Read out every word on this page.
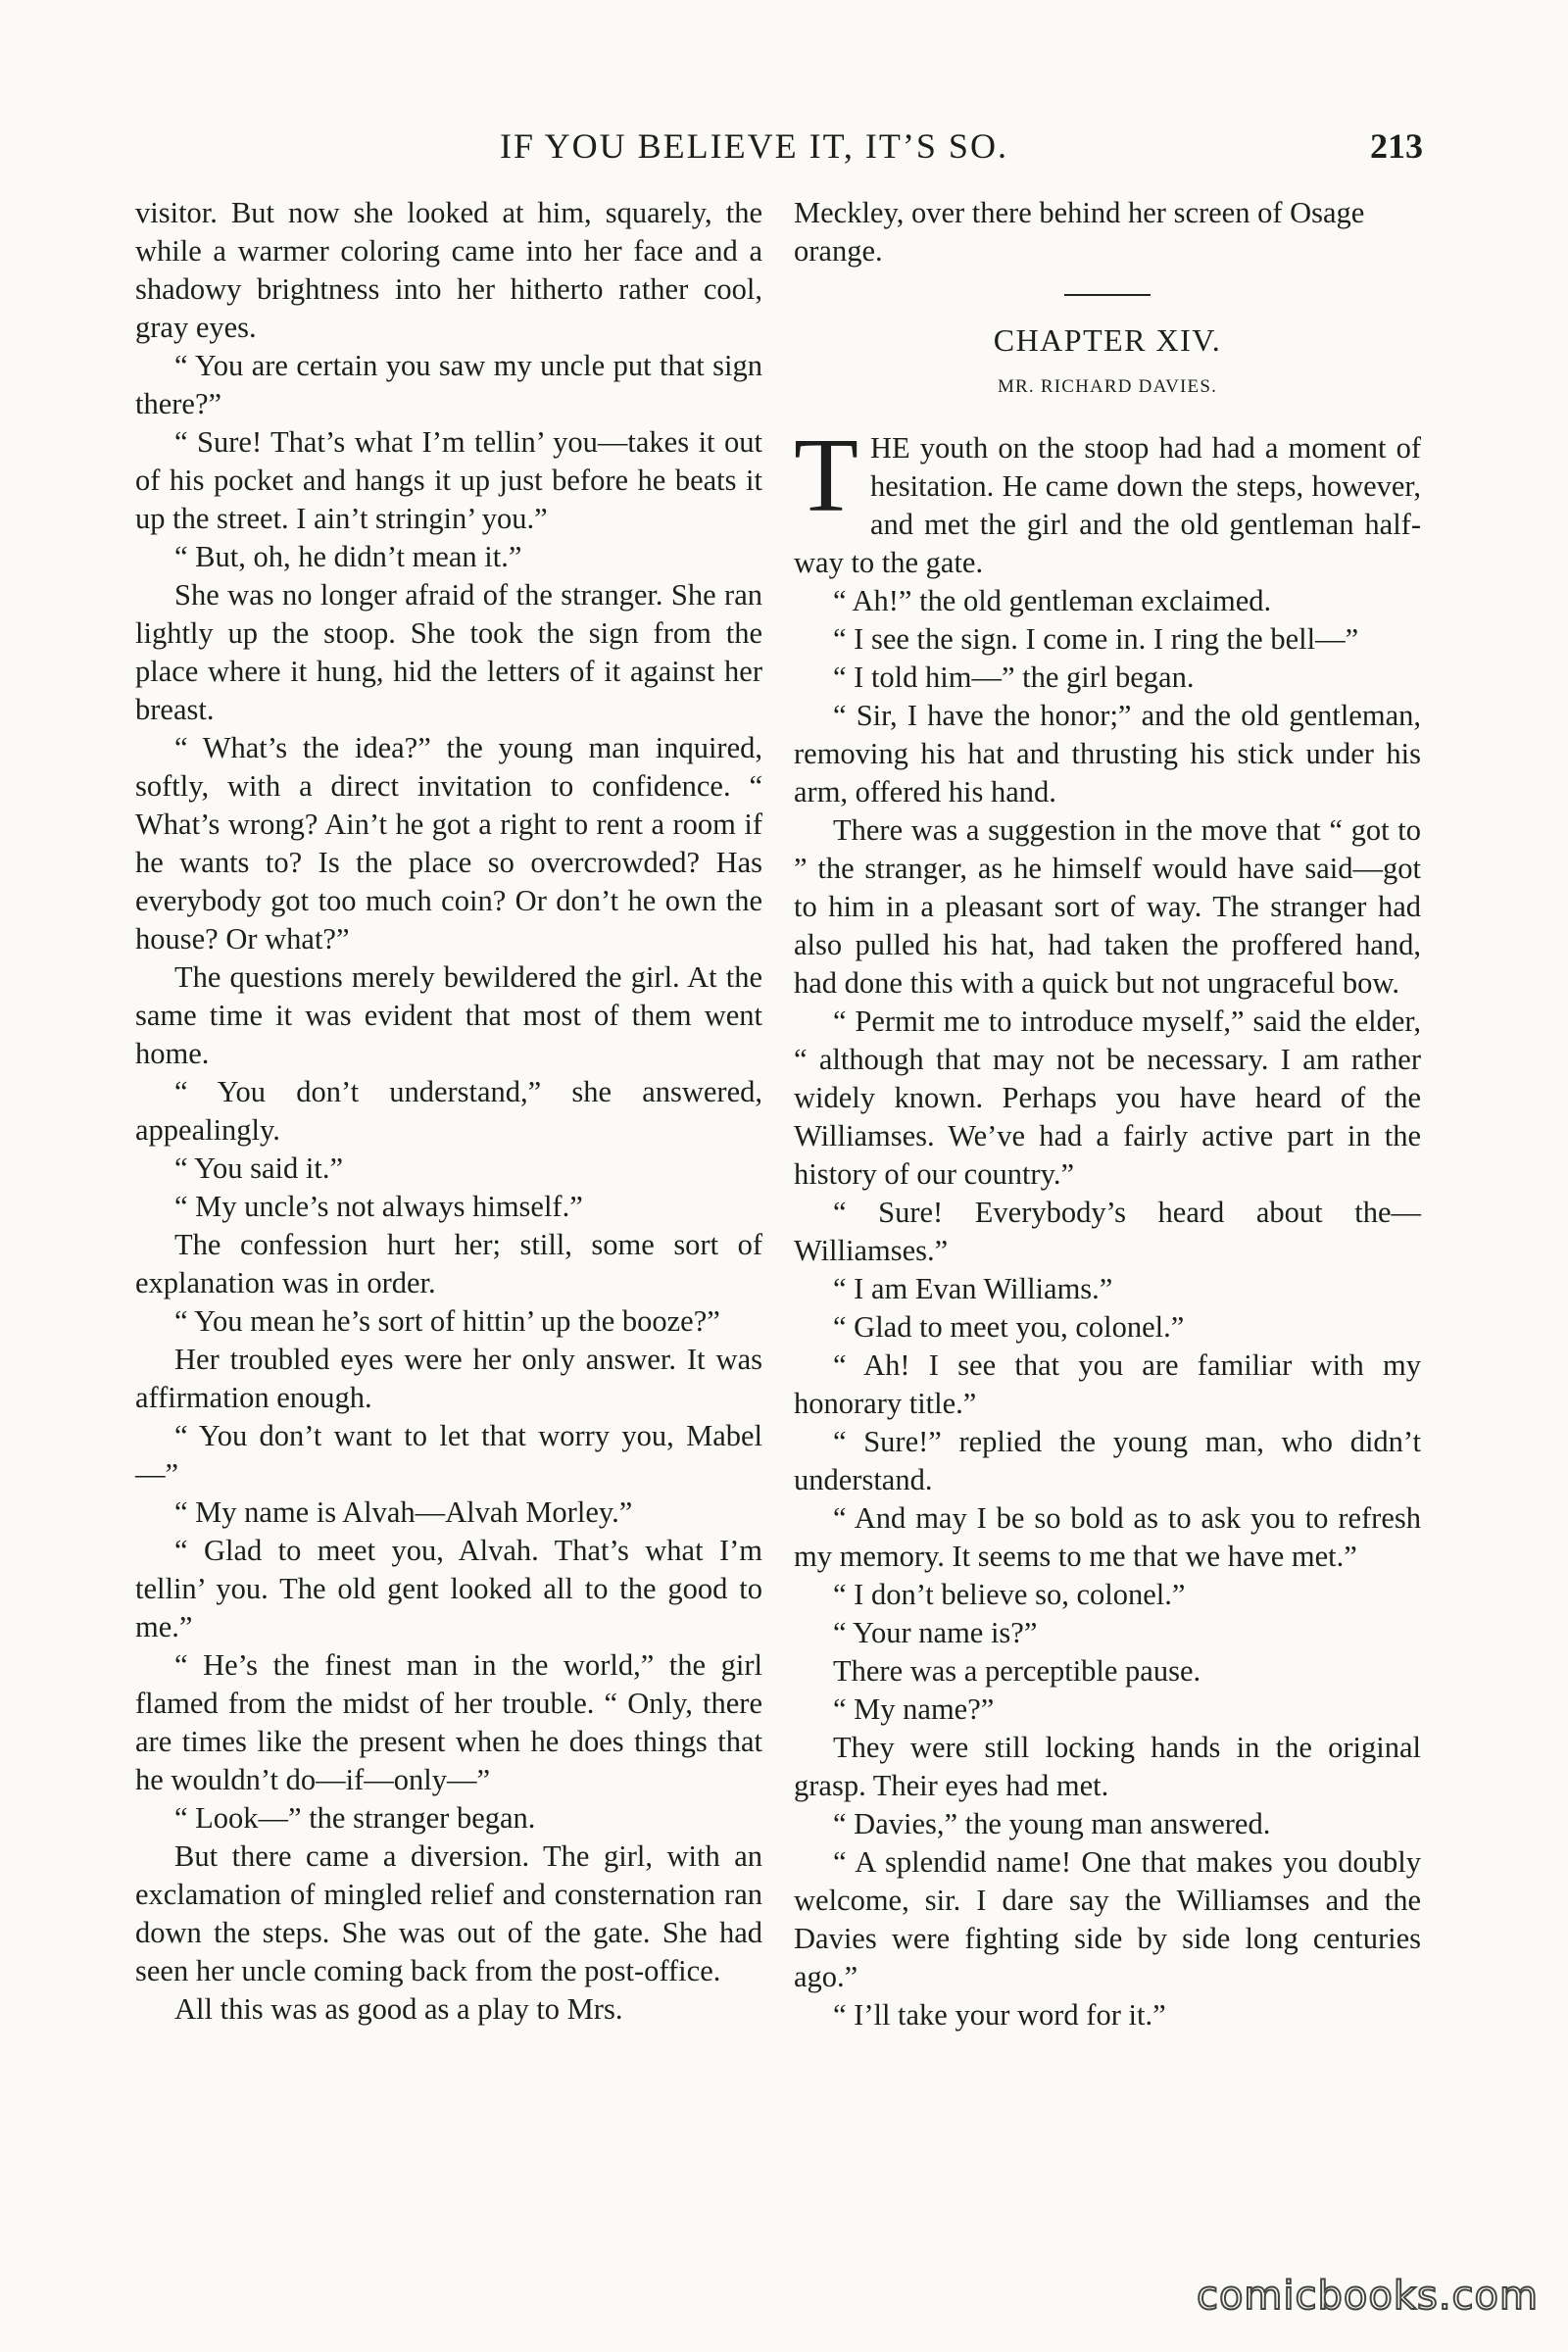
IF YOU BELIEVE IT, IT’S SO.	213

visitor. But now she looked at him, squarely, the while a warmer coloring came into her face and a shadowy brightness into her hitherto rather cool, gray eyes.

“ You are certain you saw my uncle put that sign there?”

“ Sure! That’s what I’m tellin’ you—takes it out of his pocket and hangs it up just before he beats it up the street. I ain’t stringin’ you.”

“ But, oh, he didn’t mean it.”

She was no longer afraid of the stranger. She ran lightly up the stoop. She took the sign from the place where it hung, hid the letters of it against her breast.

“ What’s the idea?” the young man inquired, softly, with a direct invitation to confidence. “ What’s wrong? Ain’t he got a right to rent a room if he wants to? Is the place so overcrowded? Has everybody got too much coin? Or don’t he own the house? Or what?”

The questions merely bewildered the girl. At the same time it was evident that most of them went home.

“ You don’t understand,” she answered, appealingly.

“ You said it.”

“ My uncle’s not always himself.”

The confession hurt her; still, some sort of explanation was in order.

“ You mean he’s sort of hittin’ up the booze?”

Her troubled eyes were her only answer. It was affirmation enough.

“ You don’t want to let that worry you, Mabel—”

“ My name is Alvah—Alvah Morley.”

“ Glad to meet you, Alvah. That’s what I’m tellin’ you. The old gent looked all to the good to me.”

“ He’s the finest man in the world,” the girl flamed from the midst of her trouble. “ Only, there are times like the present when he does things that he wouldn’t do—if—only—”

“ Look—” the stranger began.

But there came a diversion. The girl, with an exclamation of mingled relief and consternation ran down the steps. She was out of the gate. She had seen her uncle coming back from the post-office.

All this was as good as a play to Mrs.

Meckley, over there behind her screen of Osage orange.

CHAPTER XIV.
MR. RICHARD DAVIES.

THE youth on the stoop had had a moment of hesitation. He came down the steps, however, and met the girl and the old gentleman half-way to the gate.

“ Ah!” the old gentleman exclaimed.

“ I see the sign. I come in. I ring the bell—”

“ I told him—” the girl began.

“ Sir, I have the honor;” and the old gentleman, removing his hat and thrusting his stick under his arm, offered his hand.

There was a suggestion in the move that “ got to ” the stranger, as he himself would have said—got to him in a pleasant sort of way. The stranger had also pulled his hat, had taken the proffered hand, had done this with a quick but not ungraceful bow.

“ Permit me to introduce myself,” said the elder, “ although that may not be necessary. I am rather widely known. Perhaps you have heard of the Williamses. We’ve had a fairly active part in the history of our country.”

“ Sure! Everybody’s heard about the—Williamses.”

“ I am Evan Williams.”

“ Glad to meet you, colonel.”

“ Ah! I see that you are familiar with my honorary title.”

“ Sure!” replied the young man, who didn’t understand.

“ And may I be so bold as to ask you to refresh my memory. It seems to me that we have met.”

“ I don’t believe so, colonel.”

“ Your name is?”

There was a perceptible pause.

“ My name?”

They were still locking hands in the original grasp. Their eyes had met.

“ Davies,” the young man answered.

“ A splendid name! One that makes you doubly welcome, sir. I dare say the Williamses and the Davies were fighting side by side long centuries ago.”

“ I’ll take your word for it.”

comicbooks.com
